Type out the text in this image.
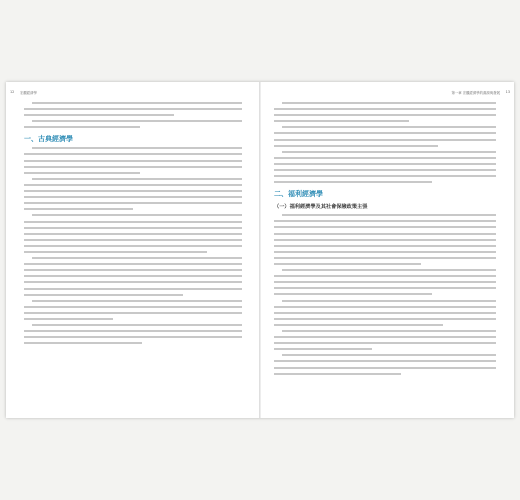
12 宏觀經濟學
一、古典經濟學
第一章 宏觀經濟學的淵源與發展 13
二、福利經濟學
（一）福利經濟學及其社會保險政策主張
